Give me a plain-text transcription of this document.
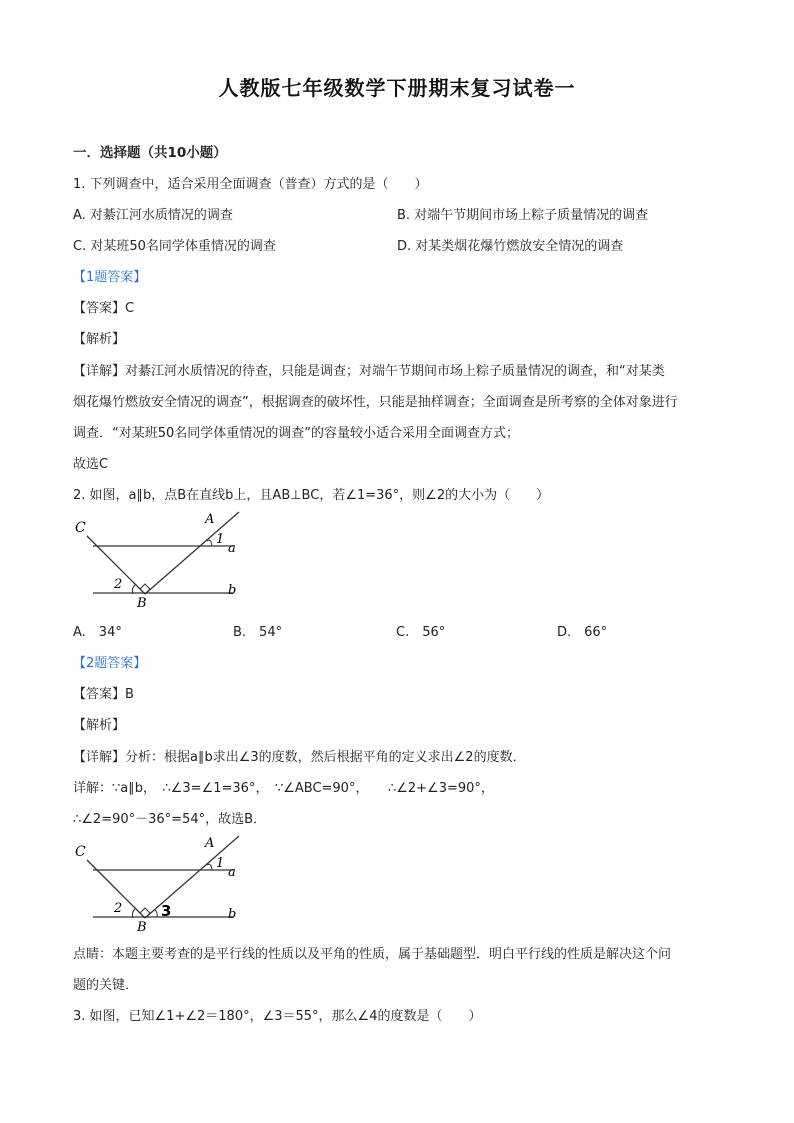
人教版七年级数学下册期末复习试卷一
一．选择题（共10小题）
1. 下列调查中，适合采用全面调查（普查）方式的是（　　）
A. 对綦江河水质情况的调查	B. 对端午节期间市场上粽子质量情况的调查
C. 对某班50名同学体重情况的调查	D. 对某类烟花爆竹燃放安全情况的调查
【1题答案】
【答案】C
【解析】
【详解】对綦江河水质情况的待查，只能是调查；对端午节期间市场上粽子质量情况的调查，和“对某类
烟花爆竹燃放安全情况的调查”，根据调查的破坏性，只能是抽样调查；全面调查是所考察的全体对象进行
调查．“对某班50名同学体重情况的调查”的容量较小适合采用全面调查方式；
故选C
2. 如图，a∥b，点B在直线b上，且AB⊥BC，若∠1=36°，则∠2的大小为（　　）
C
A
1
a
2	b
B
A.　34°	B.　54°	C.　56°	D.　66°
【2题答案】
【答案】B
【解析】
【详解】分析：根据a∥b求出∠3的度数，然后根据平角的定义求出∠2的度数．
详解：∵a∥b，　∴∠3=∠1=36°，　∵∠ABC=90°，　　∴∠2+∠3=90°，
∴∠2=90°－36°=54°，故选B．
C
A
1
a
2	3	b
B
点睛：本题主要考查的是平行线的性质以及平角的性质，属于基础题型．明白平行线的性质是解决这个问
题的关键．
3. 如图，已知∠1+∠2＝180°，∠3＝55°，那么∠4的度数是（　　）
